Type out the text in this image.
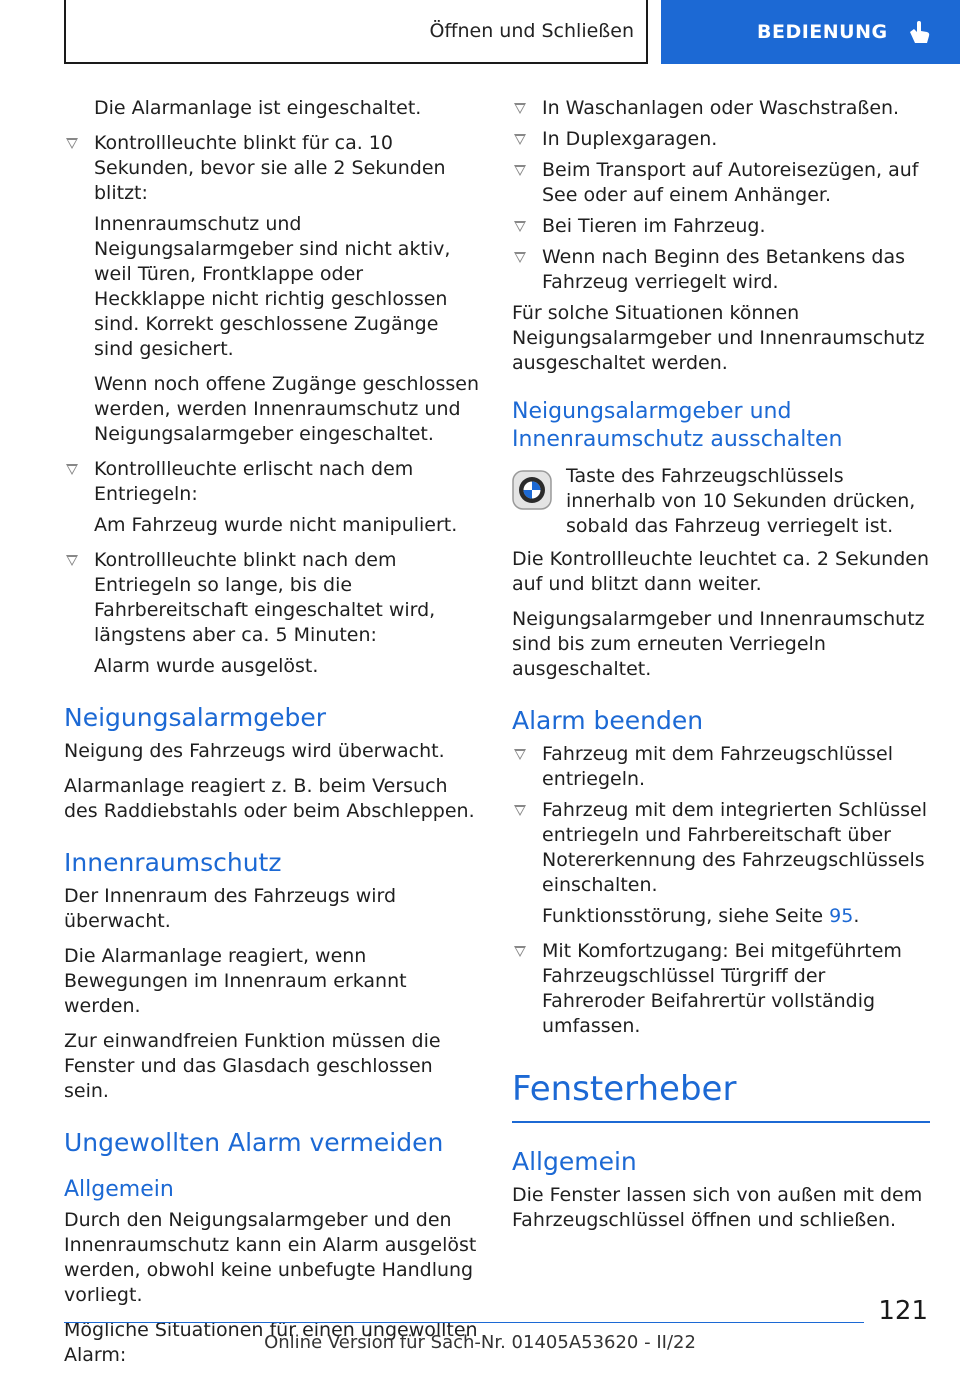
Öffnen und Schließen	BEDIENUNG

Die Alarmanlage ist eingeschaltet.

Kontrollleuchte blinkt für ca. 10 Sekunden, bevor sie alle 2 Sekunden blitzt:

Innenraumschutz und Neigungsalarmgeber sind nicht aktiv, weil Türen, Frontklappe oder Heckklappe nicht richtig geschlossen sind. Korrekt geschlossene Zugänge sind gesichert.

Wenn noch offene Zugänge geschlossen werden, werden Innenraumschutz und Neigungsalarmgeber eingeschaltet.

Kontrollleuchte erlischt nach dem Entriegeln:

Am Fahrzeug wurde nicht manipuliert.

Kontrollleuchte blinkt nach dem Entriegeln so lange, bis die Fahrbereitschaft eingeschaltet wird, längstens aber ca. 5 Minuten:

Alarm wurde ausgelöst.

Neigungsalarmgeber

Neigung des Fahrzeugs wird überwacht.

Alarmanlage reagiert z. B. beim Versuch des Raddiebstahls oder beim Abschleppen.

Innenraumschutz

Der Innenraum des Fahrzeugs wird überwacht.

Die Alarmanlage reagiert, wenn Bewegungen im Innenraum erkannt werden.

Zur einwandfreien Funktion müssen die Fenster und das Glasdach geschlossen sein.

Ungewollten Alarm vermeiden
Allgemein

Durch den Neigungsalarmgeber und den Innenraumschutz kann ein Alarm ausgelöst werden, obwohl keine unbefugte Handlung vorliegt.

Mögliche Situationen für einen ungewollten Alarm:

In Waschanlagen oder Waschstraßen.
In Duplexgaragen.
Beim Transport auf Autoreisezügen, auf See oder auf einem Anhänger.
Bei Tieren im Fahrzeug.
Wenn nach Beginn des Betankens das Fahrzeug verriegelt wird.

Für solche Situationen können Neigungsalarmgeber und Innenraumschutz ausgeschaltet werden.

Neigungsalarmgeber und Innenraumschutz ausschalten

Taste des Fahrzeugschlüssels innerhalb von 10 Sekunden drücken, sobald das Fahrzeug verriegelt ist.

Die Kontrollleuchte leuchtet ca. 2 Sekunden auf und blitzt dann weiter.

Neigungsalarmgeber und Innenraumschutz sind bis zum erneuten Verriegeln ausgeschaltet.

Alarm beenden
Fahrzeug mit dem Fahrzeugschlüssel entriegeln.
Fahrzeug mit dem integrierten Schlüssel entriegeln und Fahrbereitschaft über Notererkennung des Fahrzeugschlüssels einschalten.

Funktionsstörung, siehe Seite 95.

Mit Komfortzugang: Bei mitgeführtem Fahrzeugschlüssel Türgriff der Fahreroder Beifahrertür vollständig umfassen.
Fensterheber
Allgemein

Die Fenster lassen sich von außen mit dem Fahrzeugschlüssel öffnen und schließen.

121
Online Version für Sach-Nr. 01405A53620 - II/22
